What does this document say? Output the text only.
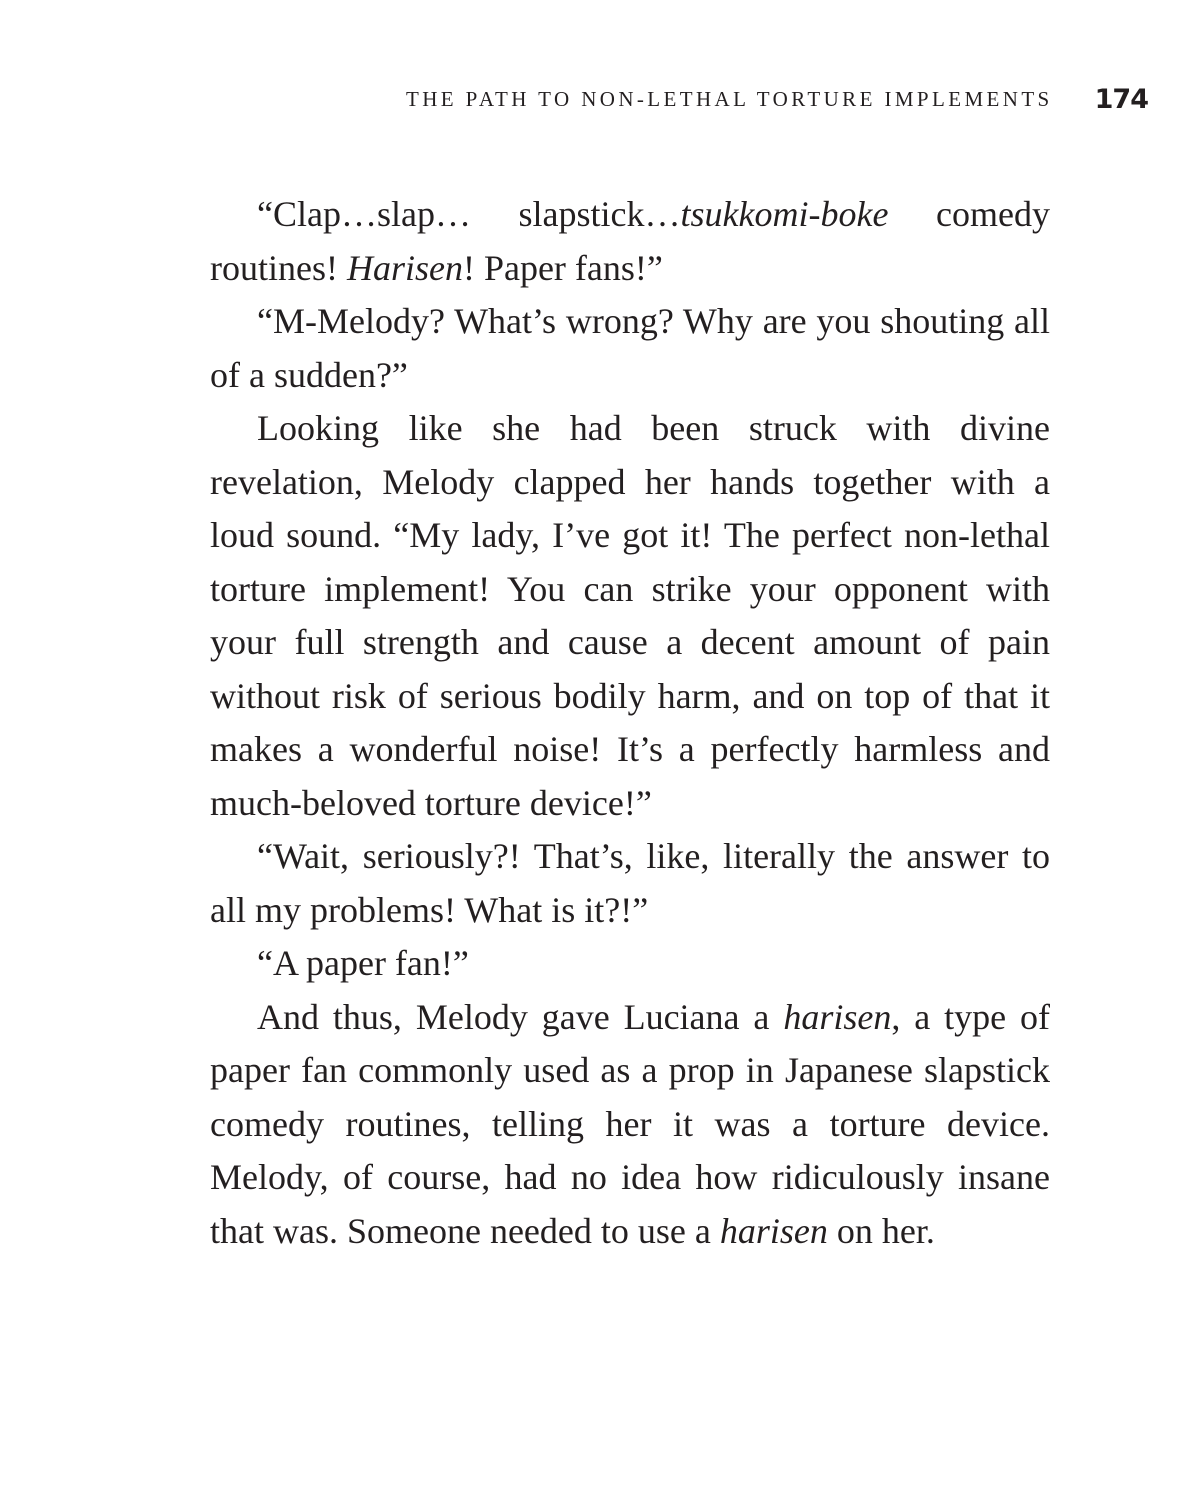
THE PATH TO NON-LETHAL TORTURE IMPLEMENTS 174

“Clap…slap… slapstick…tsukkomi-boke comedy routines! Harisen! Paper fans!”

“M-Melody? What’s wrong? Why are you shouting all of a sudden?”

Looking like she had been struck with divine revelation, Melody clapped her hands together with a loud sound. “My lady, I’ve got it! The perfect non-lethal torture implement! You can strike your opponent with your full strength and cause a decent amount of pain without risk of serious bodily harm, and on top of that it makes a wonderful noise! It’s a perfectly harmless and much-beloved torture device!”

“Wait, seriously?! That’s, like, literally the answer to all my problems! What is it?!”

“A paper fan!”

And thus, Melody gave Luciana a harisen, a type of paper fan commonly used as a prop in Japanese slapstick comedy routines, telling her it was a torture device. Melody, of course, had no idea how ridiculously insane that was. Someone needed to use a harisen on her.
